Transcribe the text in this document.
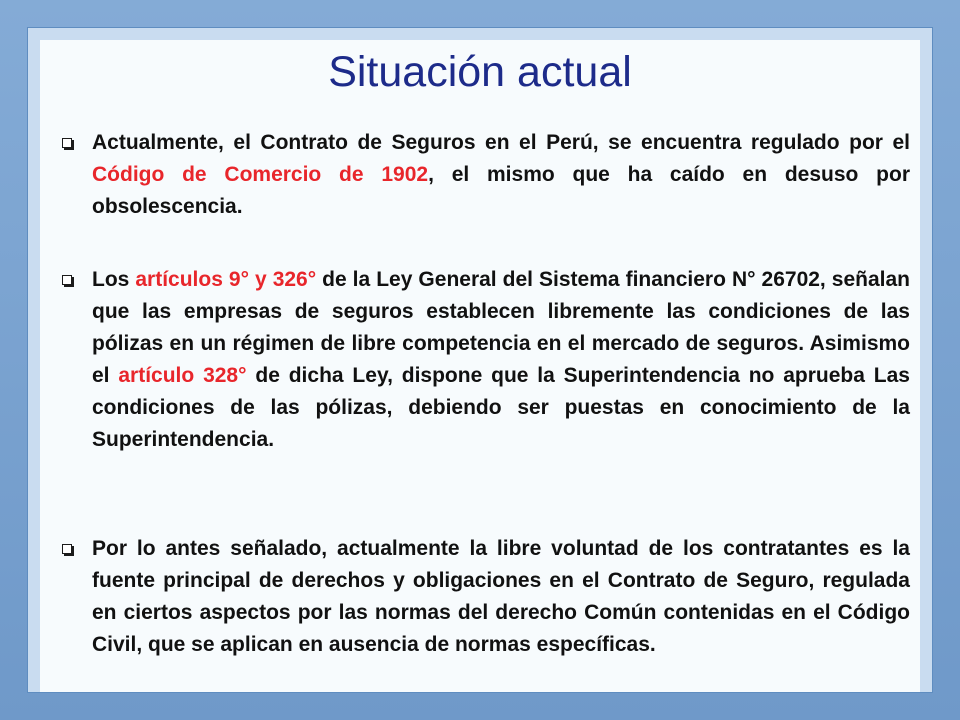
Situación actual

Actualmente, el Contrato de Seguros en el Perú, se encuentra regulado por el Código de Comercio de 1902, el mismo que ha caído en desuso por obsolescencia.

Los artículos 9° y 326° de la Ley General del Sistema financiero N° 26702, señalan que las empresas de seguros establecen libremente las condiciones de las pólizas en un régimen de libre competencia en el mercado de seguros. Asimismo el artículo 328° de dicha Ley, dispone que la Superintendencia no aprueba Las condiciones de las pólizas, debiendo ser puestas en conocimiento de la Superintendencia.

Por lo antes señalado, actualmente la libre voluntad de los contratantes es la fuente principal de derechos y obligaciones en el Contrato de Seguro, regulada en ciertos aspectos por las normas del derecho Común contenidas en el Código Civil, que se aplican en ausencia de normas específicas.
